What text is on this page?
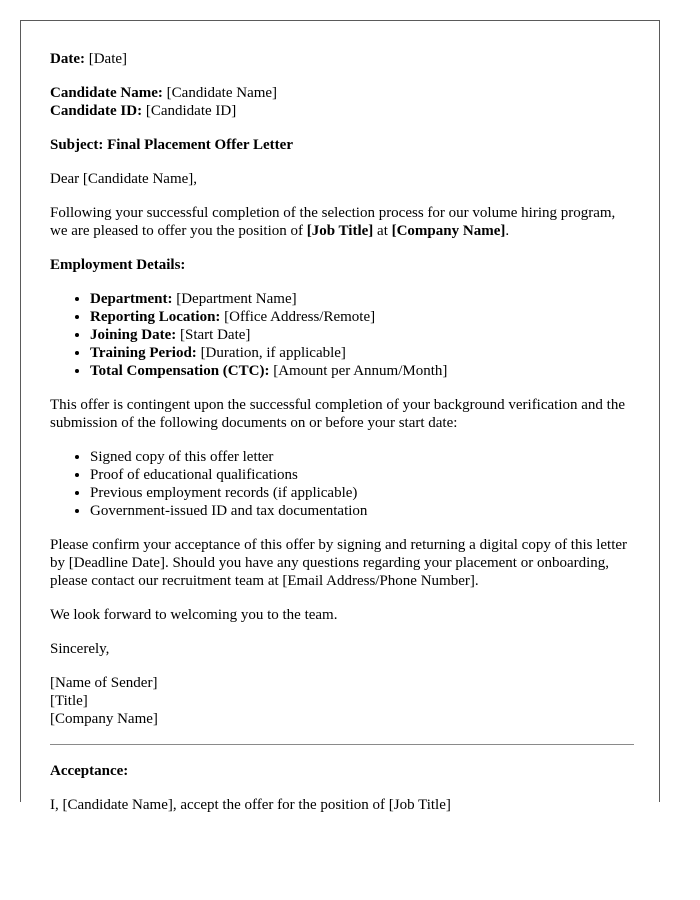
Date: [Date]

Candidate Name: [Candidate Name]
Candidate ID: [Candidate ID]

Subject: Final Placement Offer Letter

Dear [Candidate Name],

Following your successful completion of the selection process for our volume hiring program, we are pleased to offer you the position of [Job Title] at [Company Name].

Employment Details:

• Department: [Department Name]
• Reporting Location: [Office Address/Remote]
• Joining Date: [Start Date]
• Training Period: [Duration, if applicable]
• Total Compensation (CTC): [Amount per Annum/Month]

This offer is contingent upon the successful completion of your background verification and the submission of the following documents on or before your start date:

• Signed copy of this offer letter
• Proof of educational qualifications
• Previous employment records (if applicable)
• Government-issued ID and tax documentation

Please confirm your acceptance of this offer by signing and returning a digital copy of this letter by [Deadline Date]. Should you have any questions regarding your placement or onboarding, please contact our recruitment team at [Email Address/Phone Number].

We look forward to welcoming you to the team.

Sincerely,

[Name of Sender]
[Title]
[Company Name]

Acceptance:

I, [Candidate Name], accept the offer for the position of [Job Title]
